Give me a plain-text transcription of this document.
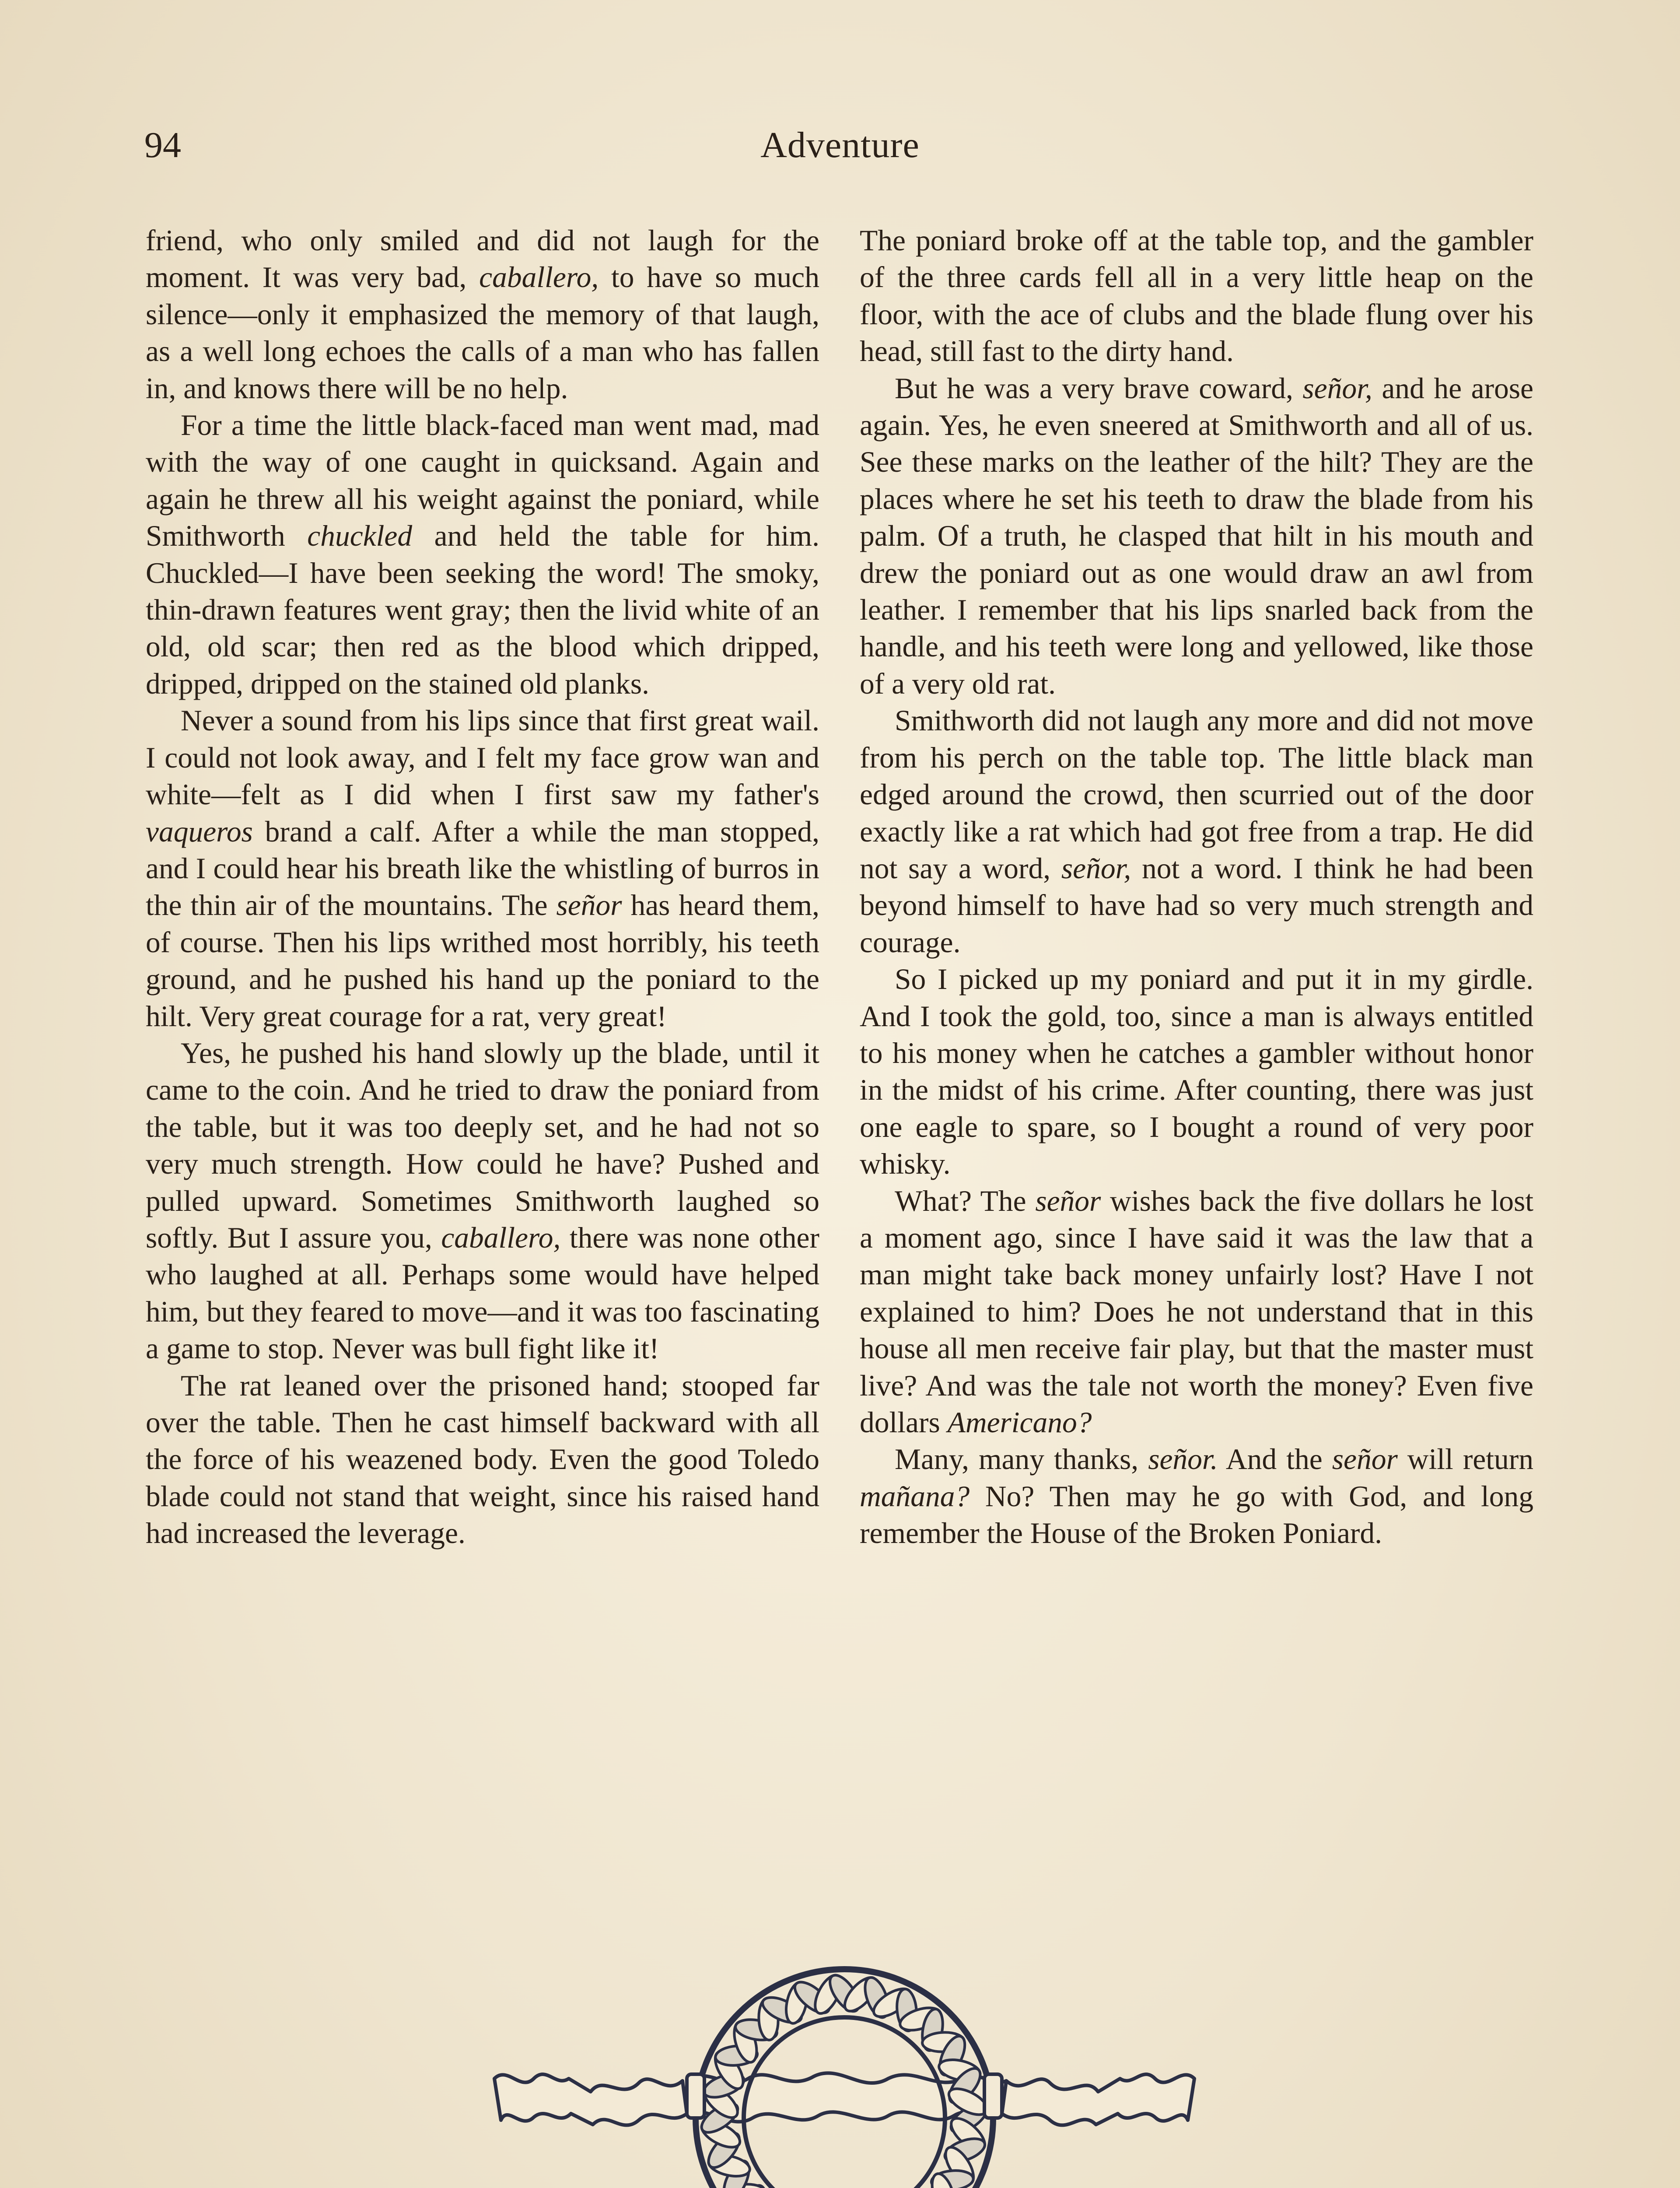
94	Adventure

friend, who only smiled and did not laugh for the moment. It was very bad, caballero, to have so much silence—only it emphasized the memory of that laugh, as a well long echoes the calls of a man who has fallen in, and knows there will be no help.

For a time the little black-faced man went mad, mad with the way of one caught in quicksand. Again and again he threw all his weight against the poniard, while Smithworth chuckled and held the table for him. Chuckled—I have been seeking the word! The smoky, thin-drawn features went gray; then the livid white of an old, old scar; then red as the blood which dripped, dripped, dripped on the stained old planks.

Never a sound from his lips since that first great wail. I could not look away, and I felt my face grow wan and white—felt as I did when I first saw my father's vaqueros brand a calf. After a while the man stopped, and I could hear his breath like the whistling of burros in the thin air of the mountains. The señor has heard them, of course. Then his lips writhed most horribly, his teeth ground, and he pushed his hand up the poniard to the hilt. Very great courage for a rat, very great!

Yes, he pushed his hand slowly up the blade, until it came to the coin. And he tried to draw the poniard from the table, but it was too deeply set, and he had not so very much strength. How could he have? Pushed and pulled upward. Sometimes Smithworth laughed so softly. But I assure you, caballero, there was none other who laughed at all. Perhaps some would have helped him, but they feared to move—and it was too fascinating a game to stop. Never was bull fight like it!

The rat leaned over the prisoned hand; stooped far over the table. Then he cast himself backward with all the force of his weazened body. Even the good Toledo blade could not stand that weight, since his raised hand had increased the leverage.

The poniard broke off at the table top, and the gambler of the three cards fell all in a very little heap on the floor, with the ace of clubs and the blade flung over his head, still fast to the dirty hand.

But he was a very brave coward, señor, and he arose again. Yes, he even sneered at Smithworth and all of us. See these marks on the leather of the hilt? They are the places where he set his teeth to draw the blade from his palm. Of a truth, he clasped that hilt in his mouth and drew the poniard out as one would draw an awl from leather. I remember that his lips snarled back from the handle, and his teeth were long and yellowed, like those of a very old rat.

Smithworth did not laugh any more and did not move from his perch on the table top. The little black man edged around the crowd, then scurried out of the door exactly like a rat which had got free from a trap. He did not say a word, señor, not a word. I think he had been beyond himself to have had so very much strength and courage.

So I picked up my poniard and put it in my girdle. And I took the gold, too, since a man is always entitled to his money when he catches a gambler without honor in the midst of his crime. After counting, there was just one eagle to spare, so I bought a round of very poor whisky.

What? The señor wishes back the five dollars he lost a moment ago, since I have said it was the law that a man might take back money unfairly lost? Have I not explained to him? Does he not understand that in this house all men receive fair play, but that the master must live? And was the tale not worth the money? Even five dollars Americano?

Many, many thanks, señor. And the señor will return mañana? No? Then may he go with God, and long remember the House of the Broken Poniard.
